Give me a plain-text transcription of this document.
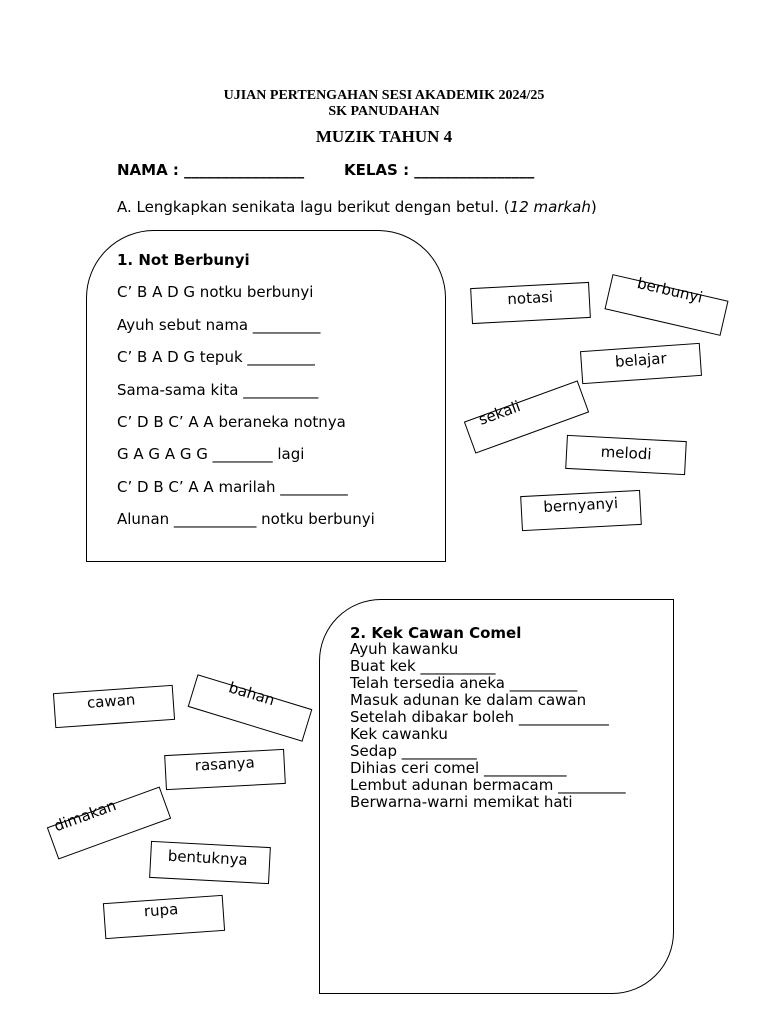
UJIAN PERTENGAHAN SESI AKADEMIK 2024/25
SK PANUDAHAN
MUZIK TAHUN 4
NAMA : ________________	KELAS : ________________
A. Lengkapkan senikata lagu berikut dengan betul. (12 markah)
1. Not Berbunyi
C’ B A D G notku berbunyi
Ayuh sebut nama _________
C’ B A D G tepuk _________
Sama-sama kita __________
C’ D B C’ A A beraneka notnya
G A G A G G ________ lagi
C’ D B C’ A A marilah _________
Alunan ___________ notku berbunyi
notasi	berbunyi
belajar
sekali
melodi
bernyanyi
2. Kek Cawan Comel
Ayuh kawanku
Buat kek __________
Telah tersedia aneka _________
Masuk adunan ke dalam cawan
Setelah dibakar boleh ____________
Kek cawanku
Sedap __________
Dihias ceri comel ___________
Lembut adunan bermacam _________
Berwarna-warni memikat hati
cawan	bahan
rasanya
dimakan
bentuknya
rupa
